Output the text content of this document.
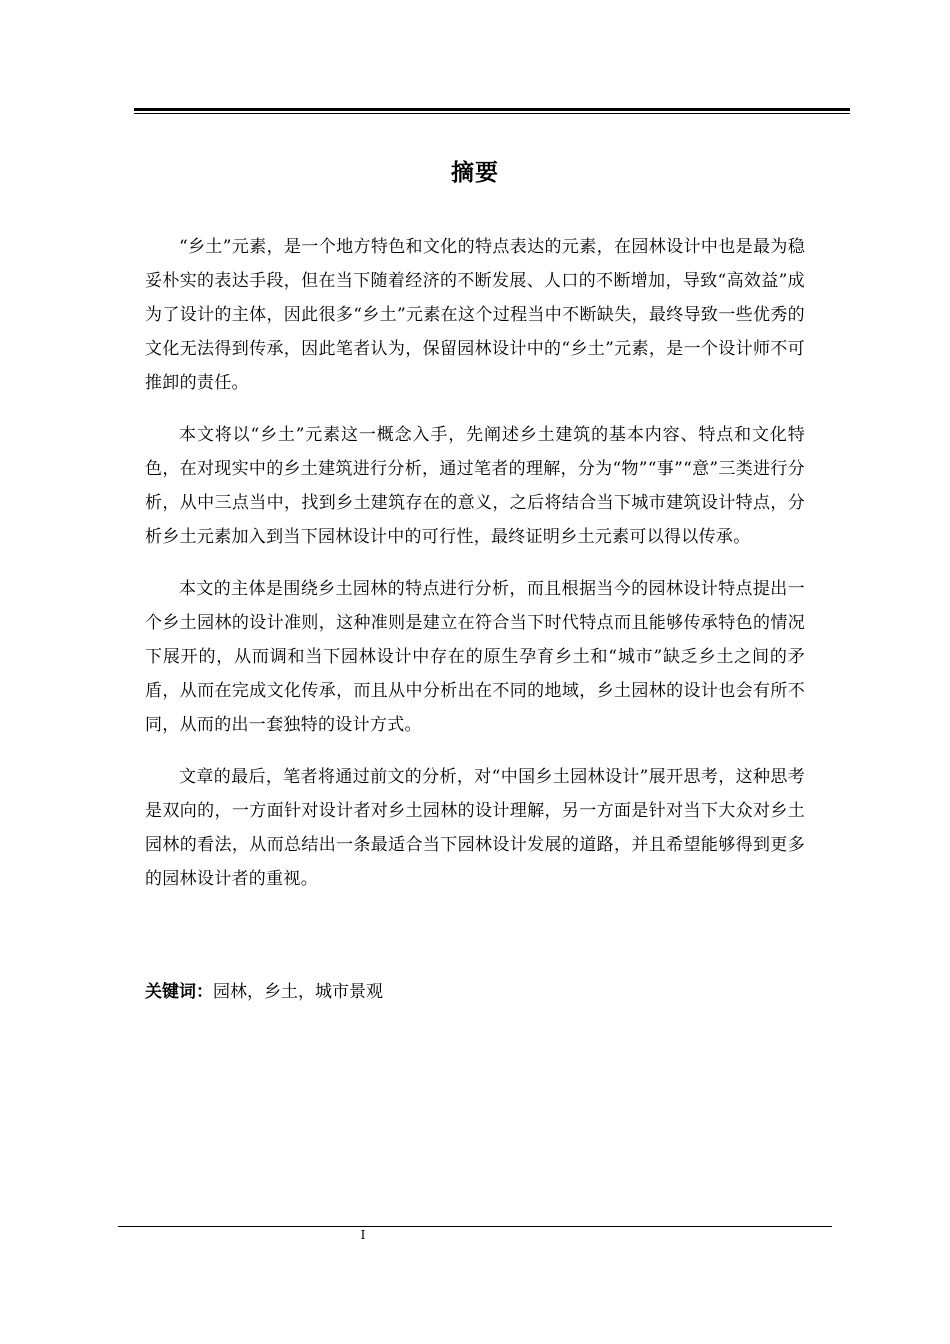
摘要

“乡土”元素，是一个地方特色和文化的特点表达的元素，在园林设计中也是最为稳妥朴实的表达手段，但在当下随着经济的不断发展、人口的不断增加，导致“高效益”成为了设计的主体，因此很多“乡土”元素在这个过程当中不断缺失，最终导致一些优秀的文化无法得到传承，因此笔者认为，保留园林设计中的“乡土”元素，是一个设计师不可推卸的责任。

本文将以“乡土”元素这一概念入手，先阐述乡土建筑的基本内容、特点和文化特色，在对现实中的乡土建筑进行分析，通过笔者的理解，分为“物”“事”“意”三类进行分析，从中三点当中，找到乡土建筑存在的意义，之后将结合当下城市建筑设计特点，分析乡土元素加入到当下园林设计中的可行性，最终证明乡土元素可以得以传承。

本文的主体是围绕乡土园林的特点进行分析，而且根据当今的园林设计特点提出一个乡土园林的设计准则，这种准则是建立在符合当下时代特点而且能够传承特色的情况下展开的，从而调和当下园林设计中存在的原生孕育乡土和“城市”缺乏乡土之间的矛盾，从而在完成文化传承，而且从中分析出在不同的地域，乡土园林的设计也会有所不同，从而的出一套独特的设计方式。

文章的最后，笔者将通过前文的分析，对“中国乡土园林设计”展开思考，这种思考是双向的，一方面针对设计者对乡土园林的设计理解，另一方面是针对当下大众对乡土园林的看法，从而总结出一条最适合当下园林设计发展的道路，并且希望能够得到更多的园林设计者的重视。

关键词：园林，乡土，城市景观
I
